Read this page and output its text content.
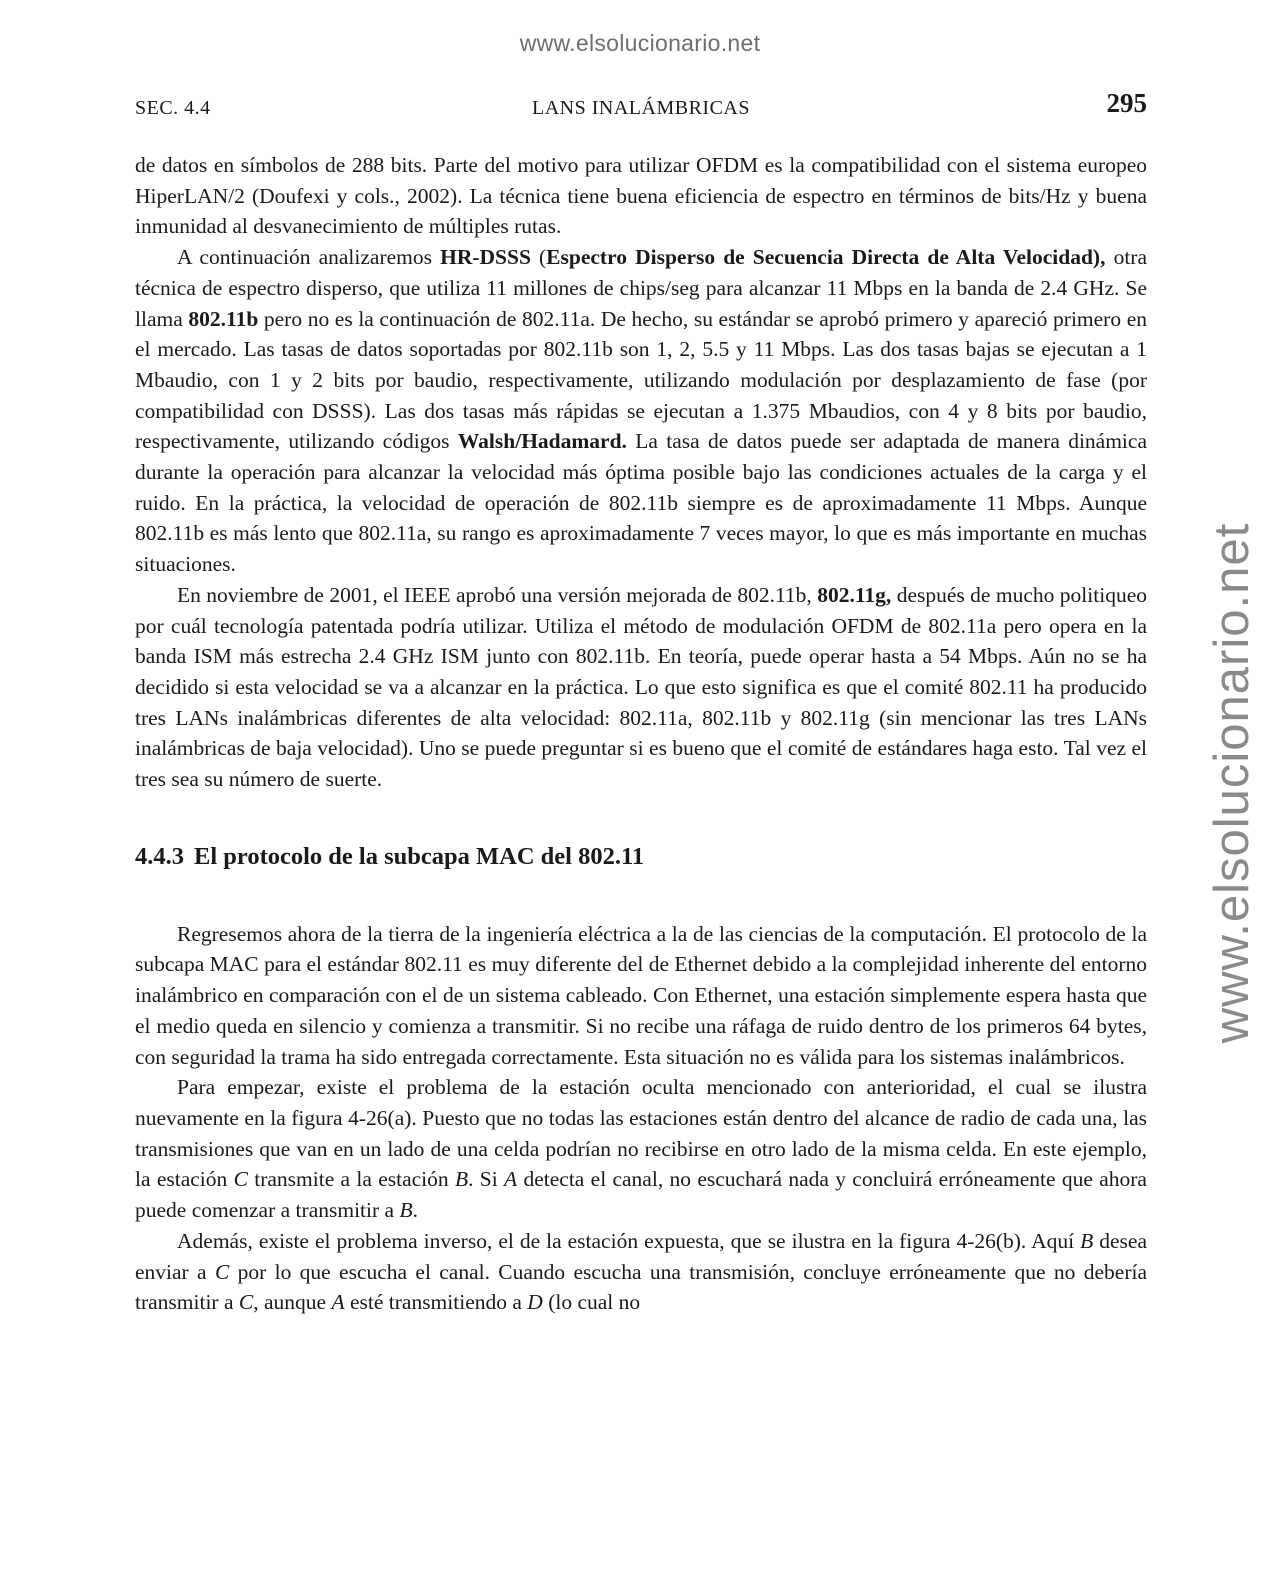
www.elsolucionario.net
www.elsolucionario.net
SEC. 4.4	LANS INALÁMBRICAS	295

de datos en símbolos de 288 bits. Parte del motivo para utilizar OFDM es la compatibilidad con el sistema europeo HiperLAN/2 (Doufexi y cols., 2002). La técnica tiene buena eficiencia de espectro en términos de bits/Hz y buena inmunidad al desvanecimiento de múltiples rutas.

A continuación analizaremos HR-DSSS (Espectro Disperso de Secuencia Directa de Alta Velocidad), otra técnica de espectro disperso, que utiliza 11 millones de chips/seg para alcanzar 11 Mbps en la banda de 2.4 GHz. Se llama 802.11b pero no es la continuación de 802.11a. De hecho, su estándar se aprobó primero y apareció primero en el mercado. Las tasas de datos soportadas por 802.11b son 1, 2, 5.5 y 11 Mbps. Las dos tasas bajas se ejecutan a 1 Mbaudio, con 1 y 2 bits por baudio, respectivamente, utilizando modulación por desplazamiento de fase (por compatibilidad con DSSS). Las dos tasas más rápidas se ejecutan a 1.375 Mbaudios, con 4 y 8 bits por baudio, respectivamente, utilizando códigos Walsh/Hadamard. La tasa de datos puede ser adaptada de manera dinámica durante la operación para alcanzar la velocidad más óptima posible bajo las condiciones actuales de la carga y el ruido. En la práctica, la velocidad de operación de 802.11b siempre es de aproximadamente 11 Mbps. Aunque 802.11b es más lento que 802.11a, su rango es aproximadamente 7 veces mayor, lo que es más importante en muchas situaciones.

En noviembre de 2001, el IEEE aprobó una versión mejorada de 802.11b, 802.11g, después de mucho politiqueo por cuál tecnología patentada podría utilizar. Utiliza el método de modulación OFDM de 802.11a pero opera en la banda ISM más estrecha 2.4 GHz ISM junto con 802.11b. En teoría, puede operar hasta a 54 Mbps. Aún no se ha decidido si esta velocidad se va a alcanzar en la práctica. Lo que esto significa es que el comité 802.11 ha producido tres LANs inalámbricas diferentes de alta velocidad: 802.11a, 802.11b y 802.11g (sin mencionar las tres LANs inalámbricas de baja velocidad). Uno se puede preguntar si es bueno que el comité de estándares haga esto. Tal vez el tres sea su número de suerte.

4.4.3 El protocolo de la subcapa MAC del 802.11

Regresemos ahora de la tierra de la ingeniería eléctrica a la de las ciencias de la computación. El protocolo de la subcapa MAC para el estándar 802.11 es muy diferente del de Ethernet debido a la complejidad inherente del entorno inalámbrico en comparación con el de un sistema cableado. Con Ethernet, una estación simplemente espera hasta que el medio queda en silencio y comienza a transmitir. Si no recibe una ráfaga de ruido dentro de los primeros 64 bytes, con seguridad la trama ha sido entregada correctamente. Esta situación no es válida para los sistemas inalámbricos.

Para empezar, existe el problema de la estación oculta mencionado con anterioridad, el cual se ilustra nuevamente en la figura 4-26(a). Puesto que no todas las estaciones están dentro del alcance de radio de cada una, las transmisiones que van en un lado de una celda podrían no recibirse en otro lado de la misma celda. En este ejemplo, la estación C transmite a la estación B. Si A detecta el canal, no escuchará nada y concluirá erróneamente que ahora puede comenzar a transmitir a B.

Además, existe el problema inverso, el de la estación expuesta, que se ilustra en la figura 4-26(b). Aquí B desea enviar a C por lo que escucha el canal. Cuando escucha una transmisión, concluye erróneamente que no debería transmitir a C, aunque A esté transmitiendo a D (lo cual no
